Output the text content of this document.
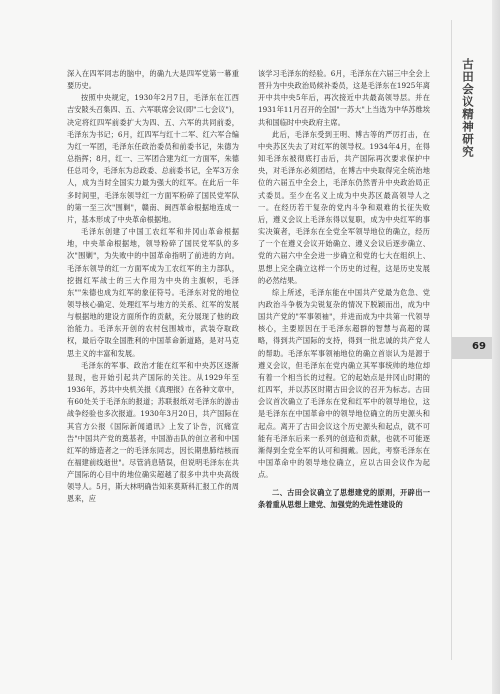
古田会议精神研究
69

深入在四军同志的脑中，的确九大是四军党第一幕重要历史。

按照中央规定，1930年2月7日，毛泽东在江西吉安陂头召集四、五、六军联席会议(即"二七会议")，决定将红四军前委扩大为四、五、六军的共同前委，毛泽东为书记；6月，红四军与红十二军、红六军合编为红一军团，毛泽东任政治委员和前委书记，朱德为总指挥；8月，红一、三军团合建为红一方面军，朱德任总司令，毛泽东为总政委、总前委书记，全军3万余人，成为当时全国实力最为强大的红军。在此后一年多时间里，毛泽东领导红一方面军粉碎了国民党军队的第一至三次"围剿"，赣南、闽西革命根据地连成一片，基本形成了中央革命根据地。

毛泽东创建了中国工农红军和井冈山革命根据地，中央革命根据地，领导粉碎了国民党军队的多次"围剿"，为失败中的中国革命指明了前进的方向。毛泽东领导的红一方面军成为工农红军的主力部队，挖掘红军战士的三大作用为中央的主旗帜，毛泽东""朱德也成为红军的象征符号。毛泽东对党的地位领导核心确定、处理红军与地方的关系、红军的发展与根据地的建设方面所作的贡献，充分展现了他的政治能力。毛泽东开创的农村包围城市，武装夺取政权，最后夺取全国胜利的中国革命新道路，是对马克思主义的丰富和发展。

毛泽东的军事、政治才能在红军和中央苏区逐渐显现，也开始引起共产国际的关注。从1929年至1936年，苏共中央机关报《真理报》在各种文章中，有60处关于毛泽东的报道；苏联报纸对毛泽东的游击战争经验也多次报道。1930年3月20日，共产国际在其官方公报《国际新闻通讯》上发了讣告，沉痛宣告"中国共产党的奠基者，中国游击队的创立者和中国红军的缔造者之一的毛泽东同志，因长期患肺结核而在福建前线逝世"。尽管消息错误，但说明毛泽东在共产国际的心目中的地位确实超越了很多中共中央高级领导人。5月，斯大林明确告知来莫斯科汇报工作的周恩来，应

该学习毛泽东的经验。6月，毛泽东在六届三中全会上晋升为中央政治局候补委员，这是毛泽东在1925年离开中共中央5年后，再次接近中共最高领导层。并在1931年11月召开的全国"一苏大"上当选为中华苏维埃共和国临时中央政府主席。

此后，毛泽东受到王明、博古等的严厉打击，在中央苏区失去了对红军的领导权。1934年4月，在得知毛泽东被彻底打击后，共产国际再次要求保护中央，对毛泽东必须团结，在博古中央取得完全统治地位的六届五中全会上，毛泽东仍然晋升中央政治局正式委员。至少在名义上成为中央苏区最高领导人之一。在经历若干复杂的党内斗争和艰难的长征失败后，遵义会议上毛泽东得以复职，成为中央红军的事实决策者，毛泽东在全党全军领导地位的确立，经历了一个在遵义会议开始确立、遵义会议后逐步确立、党的六届六中全会进一步确立和党的七大在组织上、思想上完全确立这样一个历史的过程，这是历史发展的必然结果。

综上所述，毛泽东能在中国共产党最为危急、党内政治斗争极为尖锐复杂的情况下脱颖而出，成为中国共产党的"军事领袖"，并进而成为中共第一代领导核心，主要原因在于毛泽东超群的智慧与高超的谋略，得到共产国际的支持，得到一批忠诚的共产党人的帮助。毛泽东军事领袖地位的确立首崇认为是源于遵义会议，但毛泽东在党内确立其军事统帅的地位却有着一个相当长的过程。它的起始点是井冈山时期的红四军，并以苏区时期古田会议的召开为标志。古田会议首次确立了毛泽东在党和红军中的领导地位，这是毛泽东在中国革命中的领导地位确立的历史源头和起点。离开了古田会议这个历史源头和起点，就不可能有毛泽东后来一系列的创造和贡献，也就不可能逐渐得到全党全军的认可和拥戴。因此，考察毛泽东在中国革命中的领导地位确立，应以古田会议作为起点。

二、古田会议确立了思想建党的原则，开辟出一条着重从思想上建党、加强党的先进性建设的
